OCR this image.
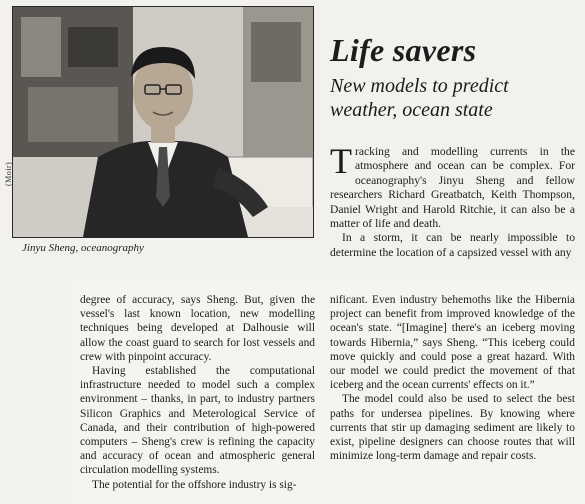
(Moir)
Jinyu Sheng, oceanography
Life savers
New models to predict weather, ocean state

Tracking and modelling currents in the atmosphere and ocean can be complex. For oceanography's Jinyu Sheng and fellow researchers Richard Greatbatch, Keith Thompson, Daniel Wright and Harold Ritchie, it can also be a matter of life and death.

In a storm, it can be nearly impossible to determine the location of a capsized vessel with any

degree of accuracy, says Sheng. But, given the vessel's last known location, new modelling techniques being developed at Dalhousie will allow the coast guard to search for lost vessels and crew with pinpoint accuracy.

Having established the computational infrastructure needed to model such a complex environment – thanks, in part, to industry partners Silicon Graphics and Meterological Service of Canada, and their contribution of high-powered computers – Sheng's crew is refining the capacity and accuracy of ocean and atmospheric general circulation modelling systems.

The potential for the offshore industry is sig-

nificant. Even industry behemoths like the Hibernia project can benefit from improved knowledge of the ocean's state. “[Imagine] there's an iceberg moving towards Hibernia,” says Sheng. “This iceberg could move quickly and could pose a great hazard. With our model we could predict the movement of that iceberg and the ocean currents' effects on it.”

The model could also be used to select the best paths for undersea pipelines. By knowing where currents that stir up damaging sediment are likely to exist, pipeline designers can choose routes that will minimize long-term damage and repair costs.
